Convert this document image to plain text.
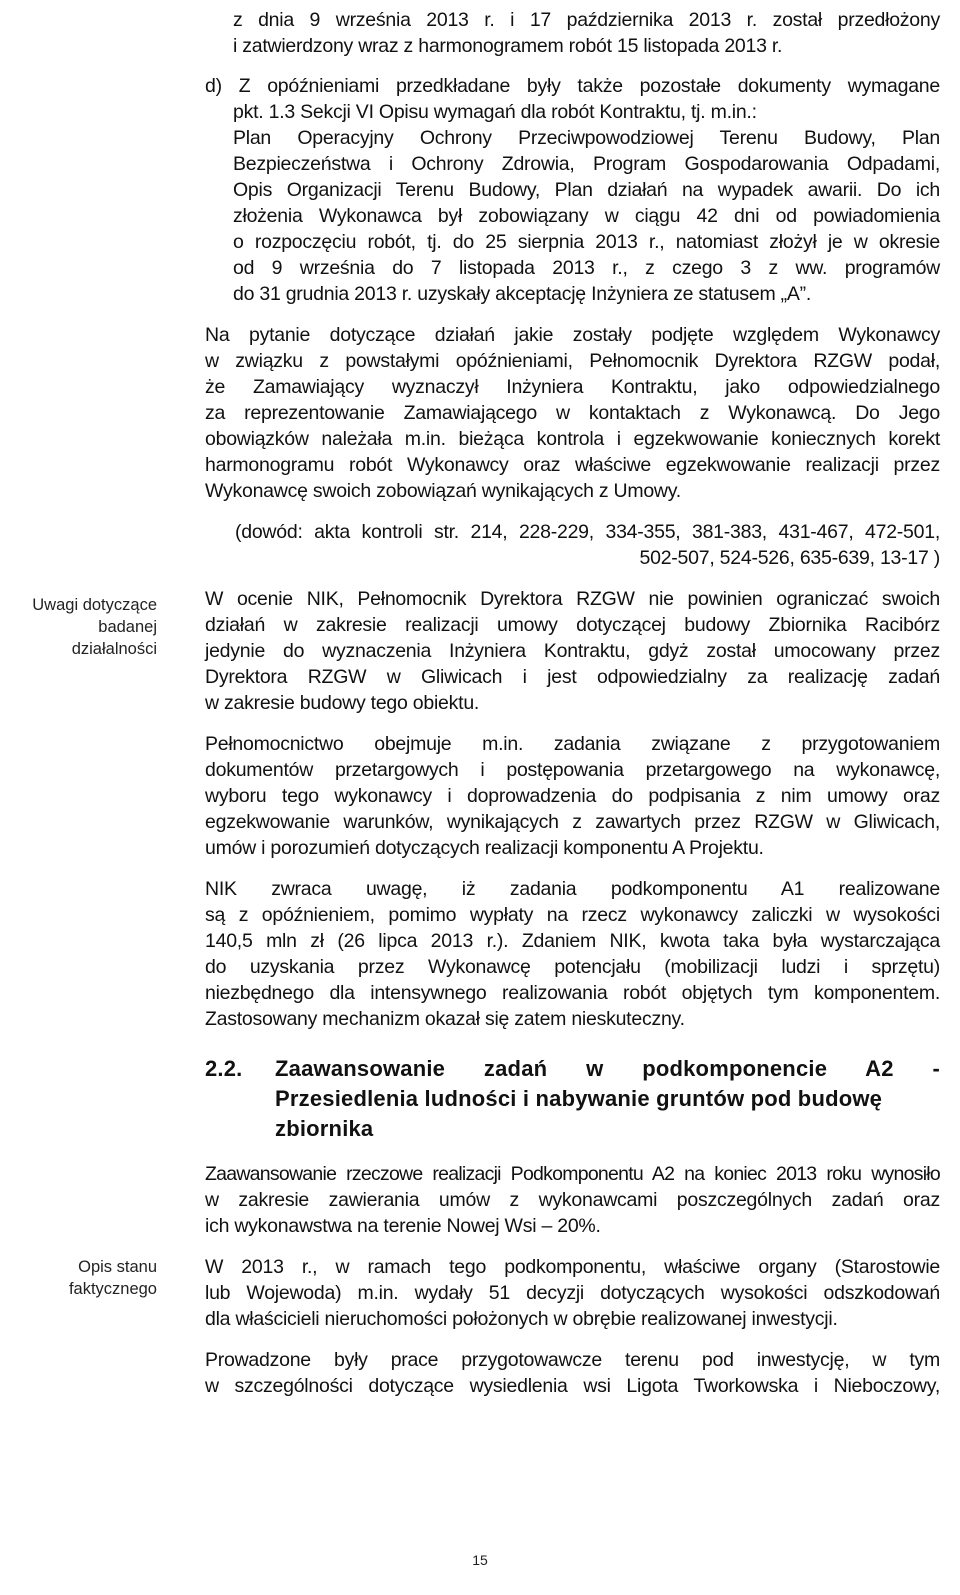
Uwagi dotyczące
badanej
działalności
Opis stanu
faktycznego
z dnia 9 września 2013 r. i 17 października 2013 r. został przedłożony
i zatwierdzony wraz z harmonogramem robót 15 listopada 2013 r.
d) Z opóźnieniami przedkładane były także pozostałe dokumenty wymagane
pkt. 1.3 Sekcji VI Opisu wymagań dla robót Kontraktu, tj. m.in.:
Plan Operacyjny Ochrony Przeciwpowodziowej Terenu Budowy, Plan
Bezpieczeństwa i Ochrony Zdrowia, Program Gospodarowania Odpadami,
Opis Organizacji Terenu Budowy, Plan działań na wypadek awarii. Do ich
złożenia Wykonawca był zobowiązany w ciągu 42 dni od powiadomienia
o rozpoczęciu robót, tj. do 25 sierpnia 2013 r., natomiast złożył je w okresie
od 9 września do 7 listopada 2013 r., z czego 3 z ww. programów
do 31 grudnia 2013 r. uzyskały akceptację Inżyniera ze statusem „A”.
Na pytanie dotyczące działań jakie zostały podjęte względem Wykonawcy
w związku z powstałymi opóźnieniami, Pełnomocnik Dyrektora RZGW podał,
że Zamawiający wyznaczył Inżyniera Kontraktu, jako odpowiedzialnego
za reprezentowanie Zamawiającego w kontaktach z Wykonawcą. Do Jego
obowiązków należała m.in. bieżąca kontrola i egzekwowanie koniecznych korekt
harmonogramu robót Wykonawcy oraz właściwe egzekwowanie realizacji przez
Wykonawcę swoich zobowiązań wynikających z Umowy.
(dowód: akta kontroli str. 214, 228-229, 334-355, 381-383, 431-467, 472-501,
502-507, 524-526, 635-639, 13-17 )
W ocenie NIK, Pełnomocnik Dyrektora RZGW nie powinien ograniczać swoich
działań w zakresie realizacji umowy dotyczącej budowy Zbiornika Racibórz
jedynie do wyznaczenia Inżyniera Kontraktu, gdyż został umocowany przez
Dyrektora RZGW w Gliwicach i jest odpowiedzialny za realizację zadań
w zakresie budowy tego obiektu.
Pełnomocnictwo obejmuje m.in. zadania związane z przygotowaniem
dokumentów przetargowych i postępowania przetargowego na wykonawcę,
wyboru tego wykonawcy i doprowadzenia do podpisania z nim umowy oraz
egzekwowanie warunków, wynikających z zawartych przez RZGW w Gliwicach,
umów i porozumień dotyczących realizacji komponentu A Projektu.
NIK zwraca uwagę, iż zadania podkomponentu A1 realizowane
są z opóźnieniem, pomimo wypłaty na rzecz wykonawcy zaliczki w wysokości
140,5 mln zł (26 lipca 2013 r.). Zdaniem NIK, kwota taka była wystarczająca
do uzyskania przez Wykonawcę potencjału (mobilizacji ludzi i sprzętu)
niezbędnego dla intensywnego realizowania robót objętych tym komponentem.
Zastosowany mechanizm okazał się zatem nieskuteczny.
2.2.	Zaawansowanie zadań w podkomponencie A2 -
Przesiedlenia ludności i nabywanie gruntów pod budowę
zbiornika
Zaawansowanie rzeczowe realizacji Podkomponentu A2 na koniec 2013 roku wynosiło
w zakresie zawierania umów z wykonawcami poszczególnych zadań oraz
ich wykonawstwa na terenie Nowej Wsi – 20%.
W 2013 r., w ramach tego podkomponentu, właściwe organy (Starostowie
lub Wojewoda) m.in. wydały 51 decyzji dotyczących wysokości odszkodowań
dla właścicieli nieruchomości położonych w obrębie realizowanej inwestycji.
Prowadzone były prace przygotowawcze terenu pod inwestycję, w tym
w szczególności dotyczące wysiedlenia wsi Ligota Tworkowska i Nieboczowy,
15
